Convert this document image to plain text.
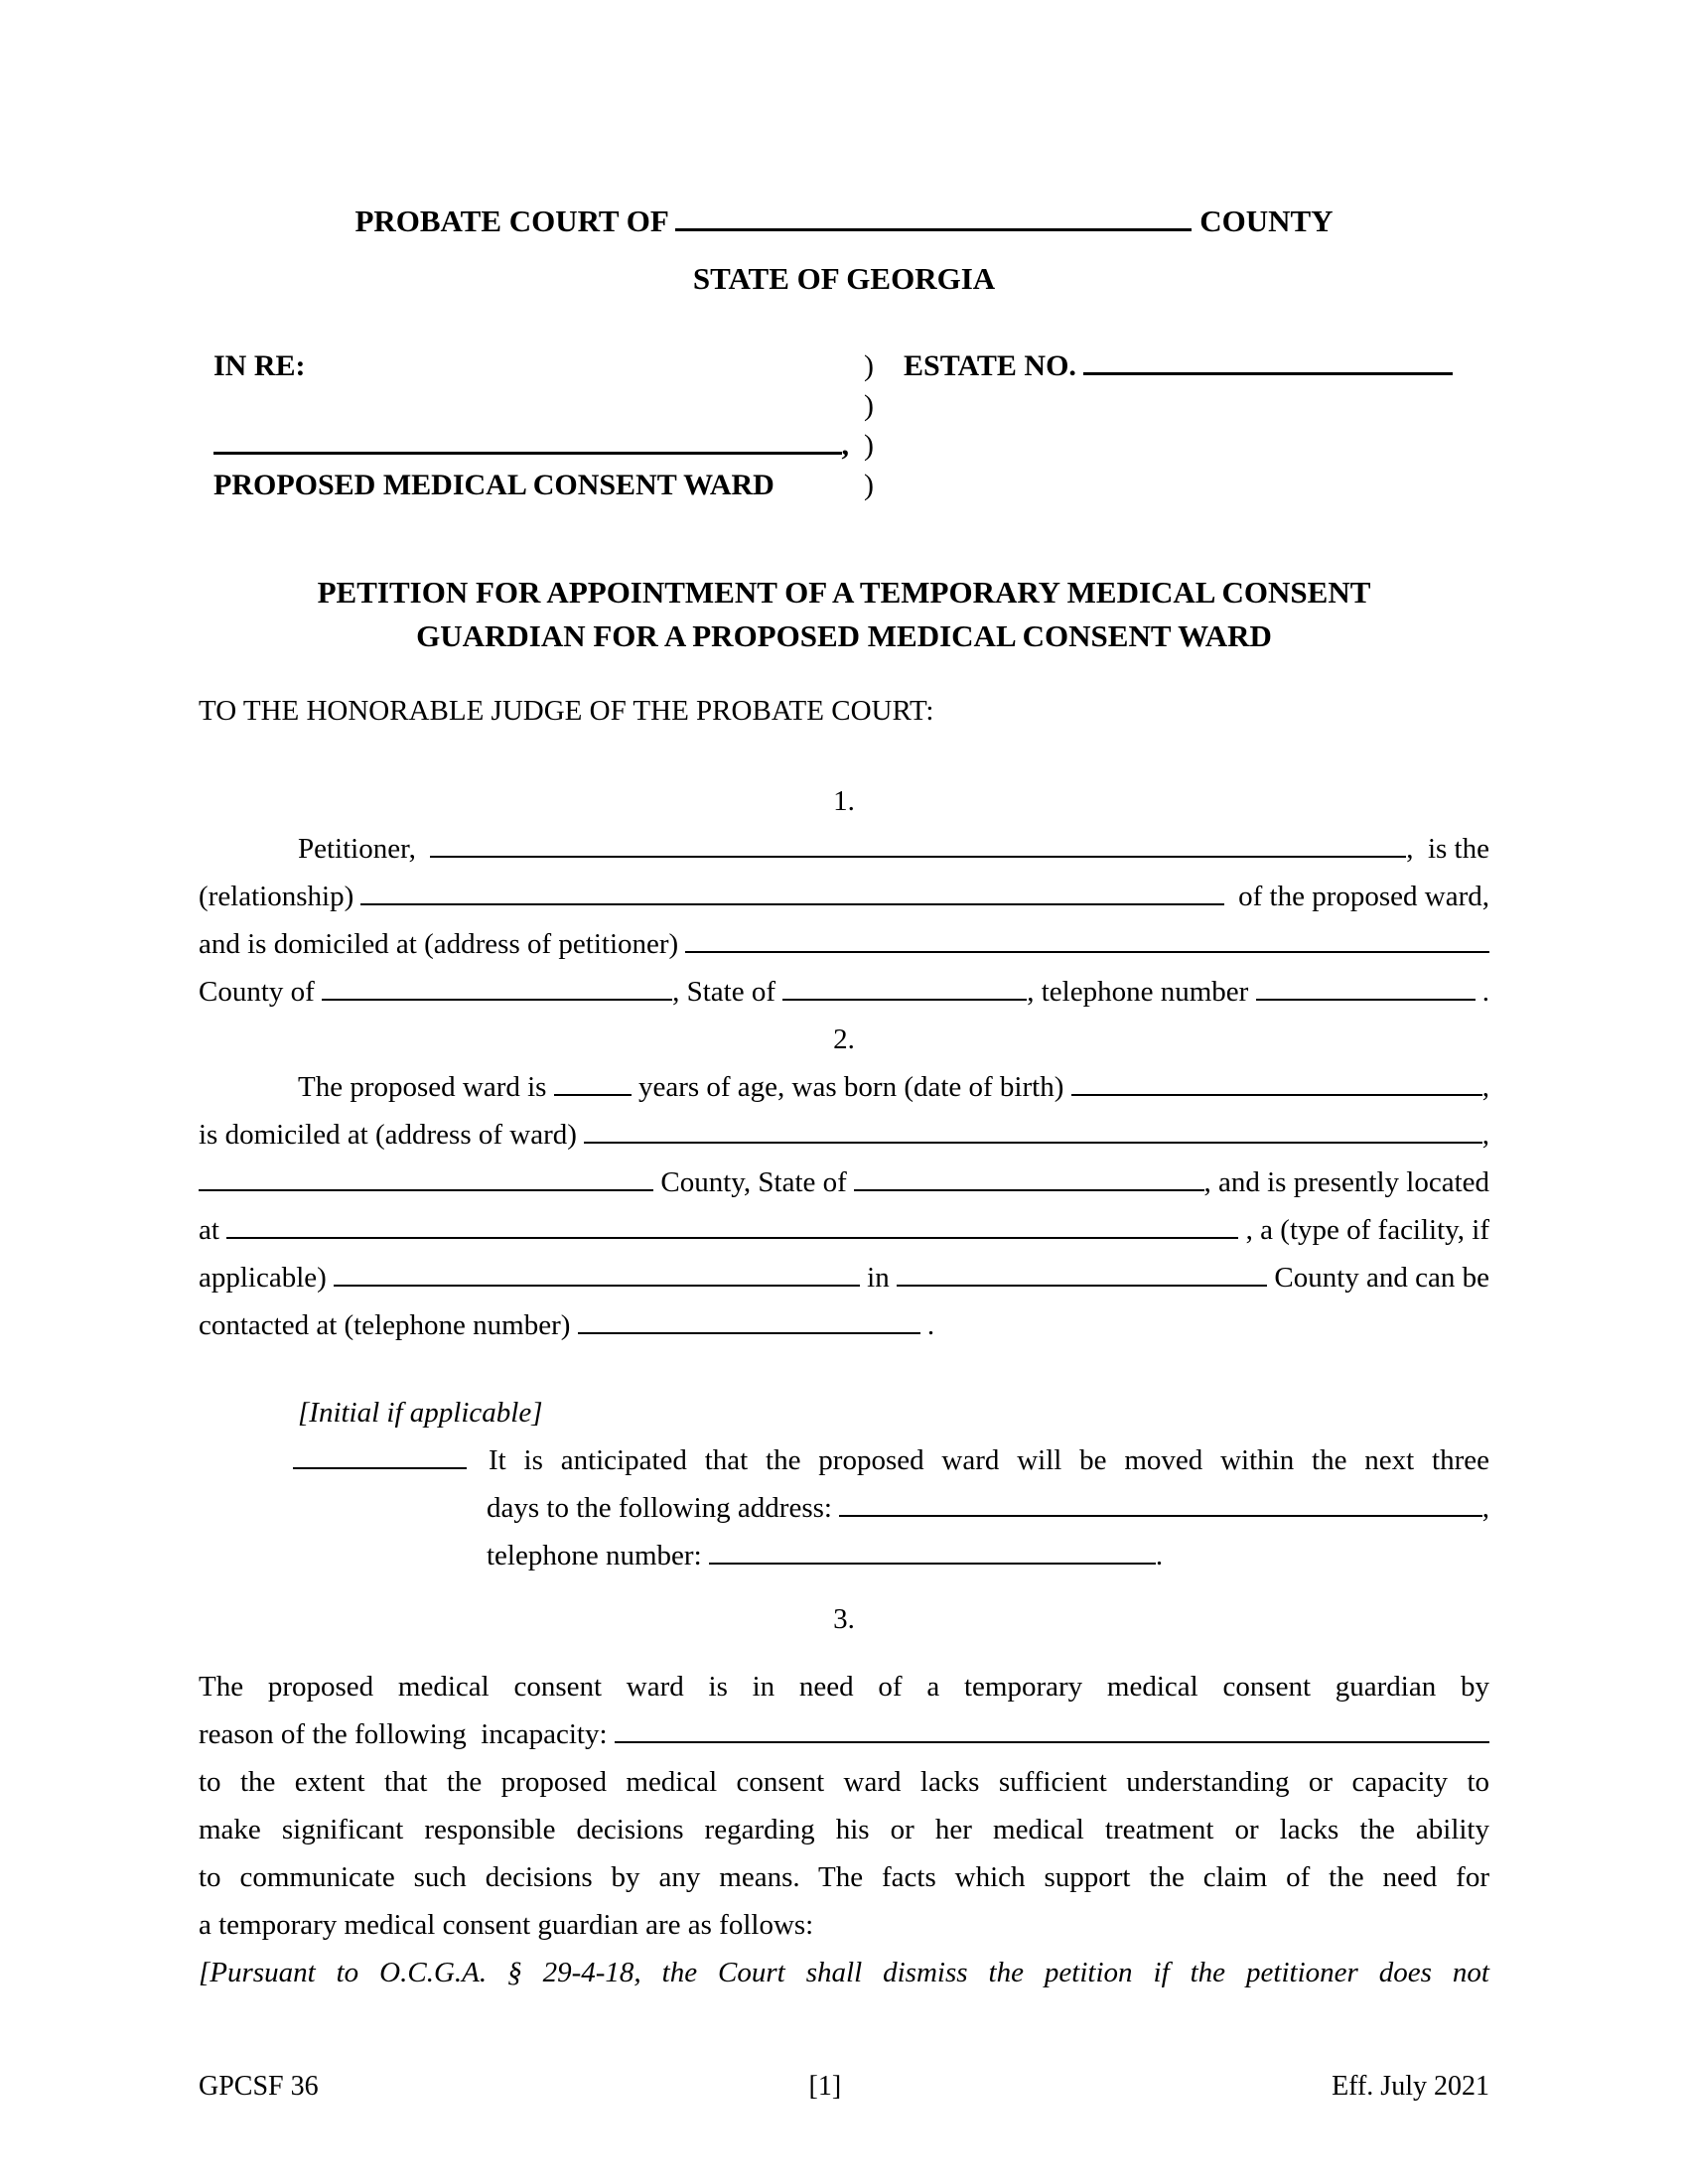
PROBATE COURT OF	COUNTY
STATE OF GEORGIA
IN RE:	)	ESTATE NO.
)
, )
PROPOSED MEDICAL CONSENT WARD	)
PETITION FOR APPOINTMENT OF A TEMPORARY MEDICAL CONSENT
GUARDIAN FOR A PROPOSED MEDICAL CONSENT WARD
TO THE HONORABLE JUDGE OF THE PROBATE COURT:
1.
Petitioner,	,  is the
(relationship)	of the proposed ward,
and is domiciled at (address of petitioner)
County of	, State of	, telephone number	.
2.
The proposed ward is	years of age, was born (date of birth)	,
is domiciled at (address of ward)	,
County, State of	, and is presently located
at	, a (type of facility, if
applicable)	in	County and can be
contacted at (telephone number)	.
[Initial if applicable]
It is anticipated that the proposed ward will be moved within the next three
days to the following address:	,
telephone number:	.
3.
The proposed medical consent ward is in need of a temporary medical consent guardian by
reason of the following  incapacity:
to the extent that the proposed medical consent ward lacks sufficient understanding or capacity to
make significant responsible decisions regarding his or her medical treatment or lacks the ability
to communicate such decisions by any means. The facts which support the claim of the need for
a temporary medical consent guardian are as follows:
[Pursuant to O.C.G.A. § 29-4-18, the Court shall dismiss the petition if the petitioner does not
GPCSF 36	[1]	Eff. July 2021
